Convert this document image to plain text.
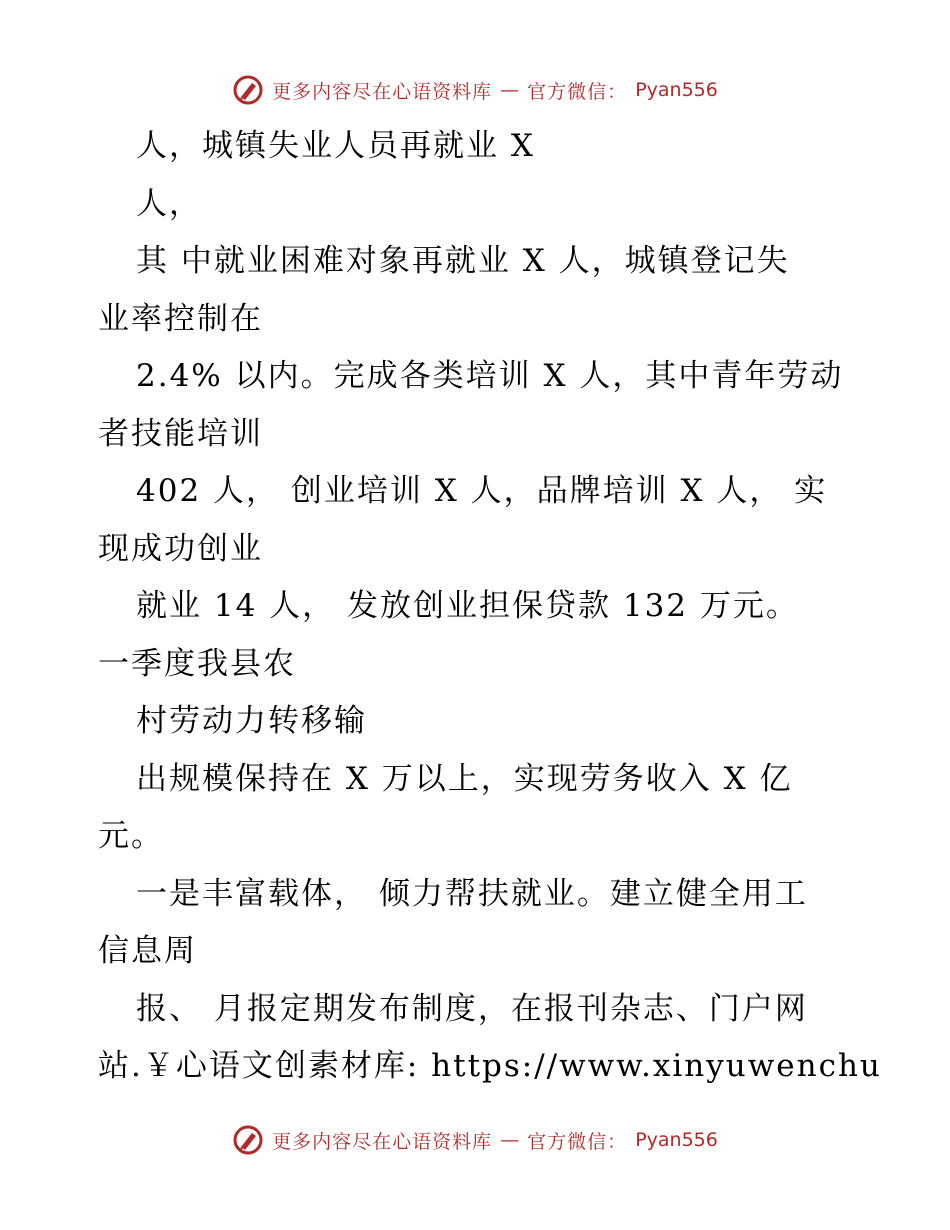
更多内容尽在心语资料库 — 官方微信： Pyan556
人，城镇失业人员再就业 X
人，
其 中就业困难对象再就业 X 人，城镇登记失
业率控制在
2.4% 以内。完成各类培训 X 人，其中青年劳动
者技能培训
402 人， 创业培训 X 人，品牌培训 X 人， 实
现成功创业
就业 14 人， 发放创业担保贷款 132 万元。
一季度我县农
村劳动力转移输
出规模保持在 X 万以上，实现劳务收入 X 亿
元。
一是丰富载体， 倾力帮扶就业。建立健全用工
信息周
报、 月报定期发布制度，在报刊杂志、门户网
站.￥心语文创素材库: https://www.xinyuwenchu
更多内容尽在心语资料库 — 官方微信： Pyan556
